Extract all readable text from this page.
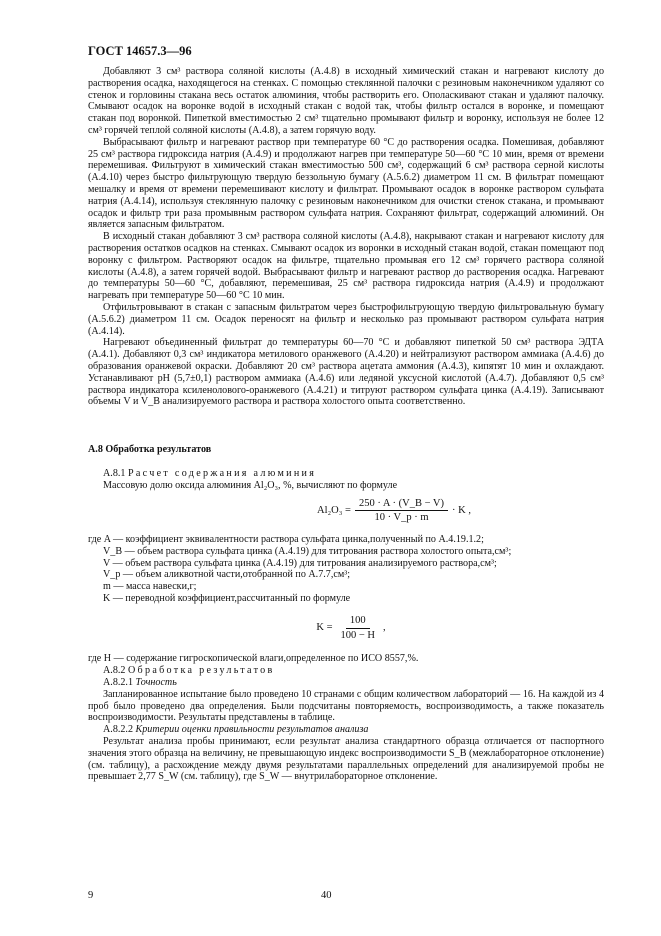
ГОСТ 14657.3—96

Добавляют 3 см³ раствора соляной кислоты (А.4.8) в исходный химический стакан и нагревают кислоту до растворения осадка, находящегося на стенках. С помощью стеклянной палочки с резиновым наконечником удаляют со стенок и горловины стакана весь остаток алюминия, чтобы растворить его. Ополаскивают стакан и удаляют палочку. Смывают осадок на воронке водой в исходный стакан с водой так, чтобы фильтр остался в воронке, и помещают стакан под воронкой. Пипеткой вместимостью 2 см³ тщательно промывают фильтр и воронку, используя не более 12 см³ горячей теплой соляной кислоты (А.4.8), а затем горячую воду.

Выбрасывают фильтр и нагревают раствор при температуре 60 °С до растворения осадка. Помешивая, добавляют 25 см³ раствора гидроксида натрия (А.4.9) и продолжают нагрев при температуре 50—60 °С 10 мин, время от времени перемешивая. Фильтруют в химический стакан вместимостью 500 см³, содержащий 6 см³ раствора серной кислоты (А.4.10) через быстро фильтрующую твердую беззольную бумагу (А.5.6.2) диаметром 11 см. В фильтрат помещают мешалку и время от времени перемешивают кислоту и фильтрат. Промывают осадок в воронке раствором сульфата натрия (А.4.14), используя стеклянную палочку с резиновым наконечником для очистки стенок стакана, и промывают осадок и фильтр три раза промывным раствором сульфата натрия. Сохраняют фильтрат, содержащий алюминий. Он является запасным фильтратом.

В исходный стакан добавляют 3 см³ раствора соляной кислоты (А.4.8), накрывают стакан и нагревают кислоту для растворения остатков осадков на стенках. Смывают осадок из воронки в исходный стакан водой, стакан помещают под воронку с фильтром. Растворяют осадок на фильтре, тщательно промывая его 12 см³ горячего раствора соляной кислоты (А.4.8), а затем горячей водой. Выбрасывают фильтр и нагревают раствор до растворения осадка. Нагревают до температуры 50—60 °С, добавляют, перемешивая, 25 см³ раствора гидроксида натрия (А.4.9) и продолжают нагревать при температуре 50—60 °С 10 мин.

Отфильтровывают в стакан с запасным фильтратом через быстрофильтрующую твердую фильтровальную бумагу (А.5.6.2) диаметром 11 см. Осадок переносят на фильтр и несколько раз промывают раствором сульфата натрия (А.4.14).

Нагревают объединенный фильтрат до температуры 60—70 °С и добавляют пипеткой 50 см³ раствора ЭДТА (А.4.1). Добавляют 0,3 см³ индикатора метилового оранжевого (А.4.20) и нейтрализуют раствором аммиака (А.4.6) до образования оранжевой окраски. Добавляют 20 см³ раствора ацетата аммония (А.4.3), кипятят 10 мин и охлаждают. Устанавливают pH (5,7±0,1) раствором аммиака (А.4.6) или ледяной уксусной кислотой (А.4.7). Добавляют 0,5 см³ раствора индикатора ксиленолового-оранжевого (А.4.21) и титруют раствором сульфата цинка (А.4.19). Записывают объемы V и V_B анализируемого раствора и раствора холостого опыта соответственно.

А.8 Обработка результатов

А.8.1 Расчет содержания алюминия

Массовую долю оксида алюминия Al₂O₃, %, вычисляют по формуле

$Al_2O_3 = \frac{250 \cdot A \cdot (V\_B - V)}{10 \cdot V\_р \cdot m} \cdot K$ ,
где A — коэффициент эквивалентности раствора сульфата цинка,полученный по А.4.19.1.2;
V_B — объем раствора сульфата цинка (А.4.19) для титрования раствора холостого опыта,см³;
V — объем раствора сульфата цинка (А.4.19) для титрования анализируемого раствора,см³;
V_р — объем аликвотной части,отобранной по А.7.7,см³;
m — масса навески,г;
K — переводной коэффициент,рассчитанный по формуле
$K = \frac{100}{100 - H}$ ,

где H — содержание гигроскопической влаги,определенное по ИСО 8557,%.

А.8.2 Обработка результатов

А.8.2.1 Точность

Запланированное испытание было проведено 10 странами с общим количеством лабораторий — 16. На каждой из 4 проб было проведено два определения. Были подсчитаны повторяемость, воспроизводимость, а также показатель воспроизводимости. Результаты представлены в таблице.

А.8.2.2 Критерии оценки правильности результатов анализа

Результат анализа пробы принимают, если результат анализа стандартного образца отличается от паспортного значения этого образца на величину, не превышающую индекс воспроизводимости S_B (межлабораторное отклонение) (см. таблицу), а расхождение между двумя результатами параллельных определений для анализируемой пробы не превышает 2,77 S_W (см. таблицу), где S_W — внутрилабораторное отклонение.

9	40
